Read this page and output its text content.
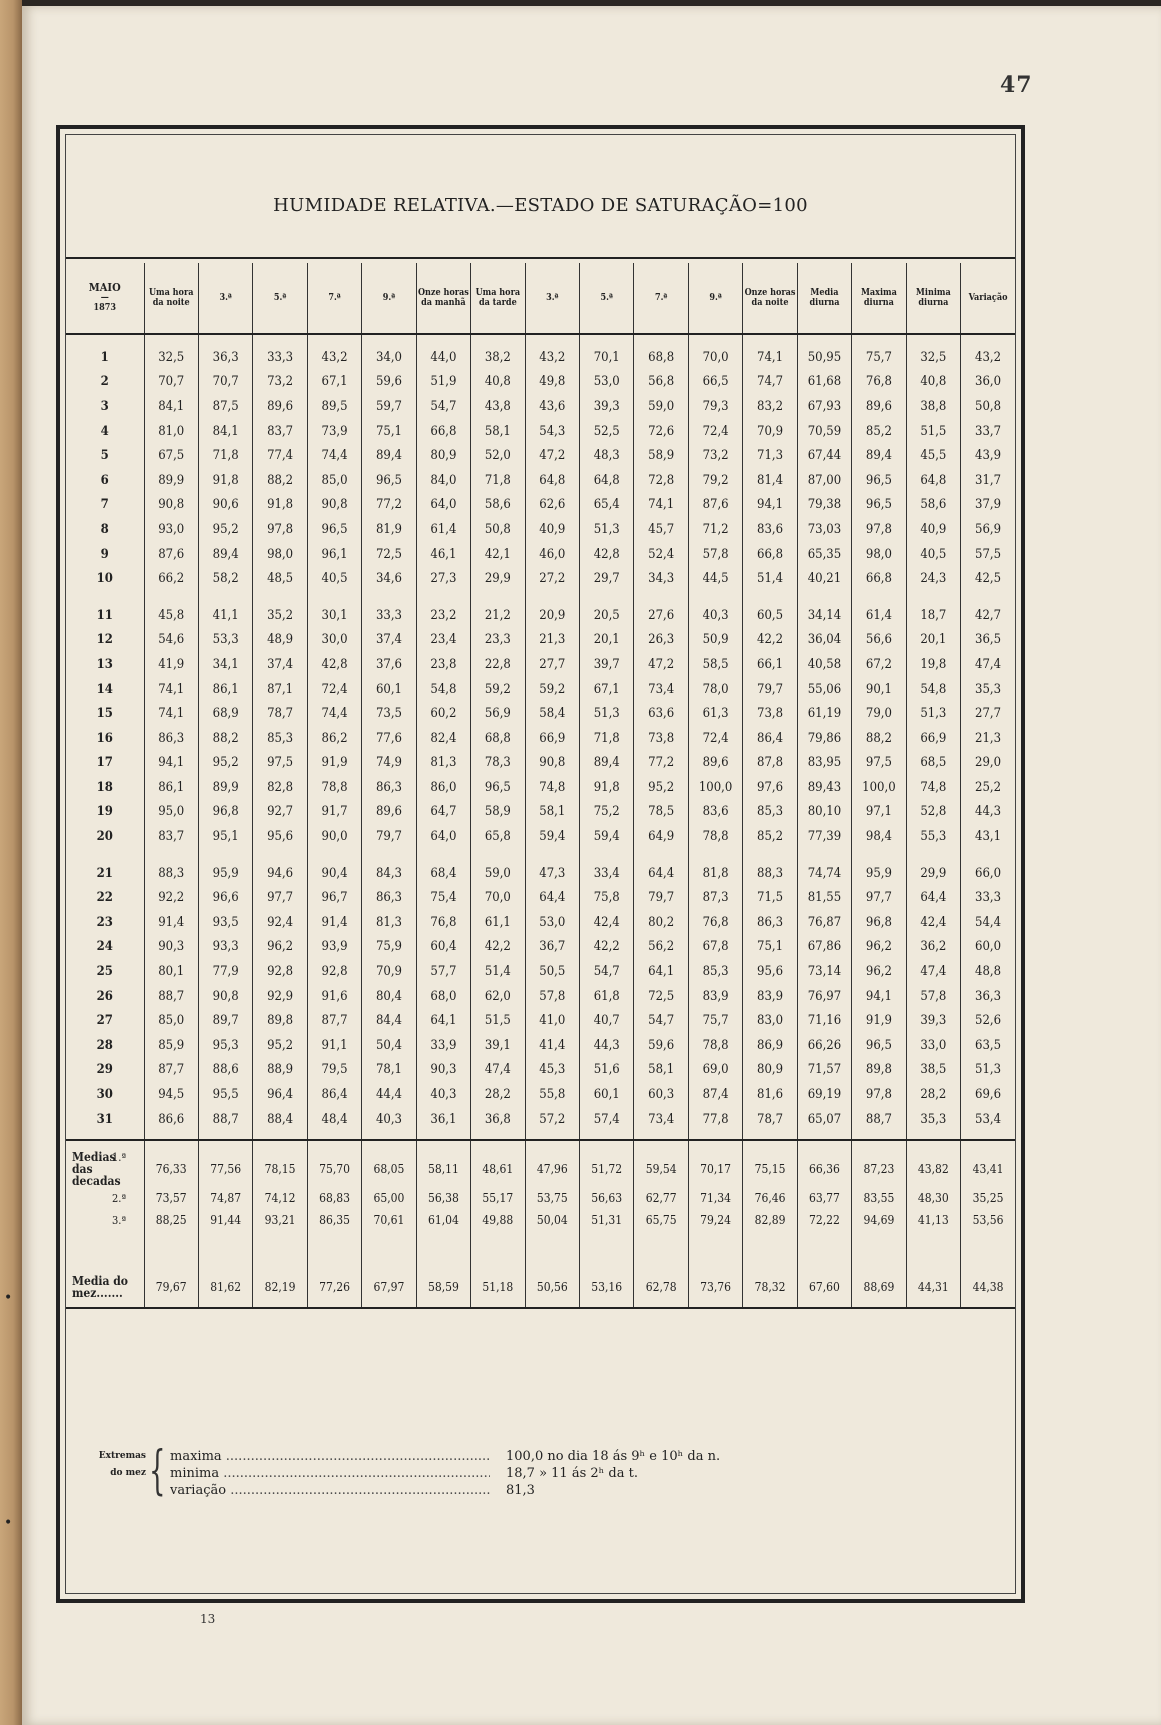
47
HUMIDADE RELATIVA.—ESTADO DE SATURAÇÃO=100
MAIO
—
1873	Uma hora da noite	3.ª	5.ª	7.ª	9.ª	Onze horas da manhã	Uma hora da tarde	3.ª	5.ª	7.ª	9.ª	Onze horas da noite	Media diurna	Maxima diurna	Minima diurna	Variação

1	32,5	36,3	33,3	43,2	34,0	44,0	38,2	43,2	70,1	68,8	70,0	74,1	50,95	75,7	32,5	43,2
2	70,7	70,7	73,2	67,1	59,6	51,9	40,8	49,8	53,0	56,8	66,5	74,7	61,68	76,8	40,8	36,0
3	84,1	87,5	89,6	89,5	59,7	54,7	43,8	43,6	39,3	59,0	79,3	83,2	67,93	89,6	38,8	50,8
4	81,0	84,1	83,7	73,9	75,1	66,8	58,1	54,3	52,5	72,6	72,4	70,9	70,59	85,2	51,5	33,7
5	67,5	71,8	77,4	74,4	89,4	80,9	52,0	47,2	48,3	58,9	73,2	71,3	67,44	89,4	45,5	43,9
6	89,9	91,8	88,2	85,0	96,5	84,0	71,8	64,8	64,8	72,8	79,2	81,4	87,00	96,5	64,8	31,7
7	90,8	90,6	91,8	90,8	77,2	64,0	58,6	62,6	65,4	74,1	87,6	94,1	79,38	96,5	58,6	37,9
8	93,0	95,2	97,8	96,5	81,9	61,4	50,8	40,9	51,3	45,7	71,2	83,6	73,03	97,8	40,9	56,9
9	87,6	89,4	98,0	96,1	72,5	46,1	42,1	46,0	42,8	52,4	57,8	66,8	65,35	98,0	40,5	57,5
10	66,2	58,2	48,5	40,5	34,6	27,3	29,9	27,2	29,7	34,3	44,5	51,4	40,21	66,8	24,3	42,5

11	45,8	41,1	35,2	30,1	33,3	23,2	21,2	20,9	20,5	27,6	40,3	60,5	34,14	61,4	18,7	42,7
12	54,6	53,3	48,9	30,0	37,4	23,4	23,3	21,3	20,1	26,3	50,9	42,2	36,04	56,6	20,1	36,5
13	41,9	34,1	37,4	42,8	37,6	23,8	22,8	27,7	39,7	47,2	58,5	66,1	40,58	67,2	19,8	47,4
14	74,1	86,1	87,1	72,4	60,1	54,8	59,2	59,2	67,1	73,4	78,0	79,7	55,06	90,1	54,8	35,3
15	74,1	68,9	78,7	74,4	73,5	60,2	56,9	58,4	51,3	63,6	61,3	73,8	61,19	79,0	51,3	27,7
16	86,3	88,2	85,3	86,2	77,6	82,4	68,8	66,9	71,8	73,8	72,4	86,4	79,86	88,2	66,9	21,3
17	94,1	95,2	97,5	91,9	74,9	81,3	78,3	90,8	89,4	77,2	89,6	87,8	83,95	97,5	68,5	29,0
18	86,1	89,9	82,8	78,8	86,3	86,0	96,5	74,8	91,8	95,2	100,0	97,6	89,43	100,0	74,8	25,2
19	95,0	96,8	92,7	91,7	89,6	64,7	58,9	58,1	75,2	78,5	83,6	85,3	80,10	97,1	52,8	44,3
20	83,7	95,1	95,6	90,0	79,7	64,0	65,8	59,4	59,4	64,9	78,8	85,2	77,39	98,4	55,3	43,1

21	88,3	95,9	94,6	90,4	84,3	68,4	59,0	47,3	33,4	64,4	81,8	88,3	74,74	95,9	29,9	66,0
22	92,2	96,6	97,7	96,7	86,3	75,4	70,0	64,4	75,8	79,7	87,3	71,5	81,55	97,7	64,4	33,3
23	91,4	93,5	92,4	91,4	81,3	76,8	61,1	53,0	42,4	80,2	76,8	86,3	76,87	96,8	42,4	54,4
24	90,3	93,3	96,2	93,9	75,9	60,4	42,2	36,7	42,2	56,2	67,8	75,1	67,86	96,2	36,2	60,0
25	80,1	77,9	92,8	92,8	70,9	57,7	51,4	50,5	54,7	64,1	85,3	95,6	73,14	96,2	47,4	48,8
26	88,7	90,8	92,9	91,6	80,4	68,0	62,0	57,8	61,8	72,5	83,9	83,9	76,97	94,1	57,8	36,3
27	85,0	89,7	89,8	87,7	84,4	64,1	51,5	41,0	40,7	54,7	75,7	83,0	71,16	91,9	39,3	52,6
28	85,9	95,3	95,2	91,1	50,4	33,9	39,1	41,4	44,3	59,6	78,8	86,9	66,26	96,5	33,0	63,5
29	87,7	88,6	88,9	79,5	78,1	90,3	47,4	45,3	51,6	58,1	69,0	80,9	71,57	89,8	38,5	51,3
30	94,5	95,5	96,4	86,4	44,4	40,3	28,2	55,8	60,1	60,3	87,4	81,6	69,19	97,8	28,2	69,6
31	86,6	88,7	88,4	48,4	40,3	36,1	36,8	57,2	57,4	73,4	77,8	78,7	65,07	88,7	35,3	53,4

Medias das decadas1.ª	76,33	77,56	78,15	75,70	68,05	58,11	48,61	47,96	51,72	59,54	70,17	75,15	66,36	87,23	43,82	43,41
2.ª	73,57	74,87	74,12	68,83	65,00	56,38	55,17	53,75	56,63	62,77	71,34	76,46	63,77	83,55	48,30	35,25
3.ª	88,25	91,44	93,21	86,35	70,61	61,04	49,88	50,04	51,31	65,75	79,24	82,89	72,22	94,69	41,13	53,56

Media do mez.......	79,67	81,62	82,19	77,26	67,97	58,59	51,18	50,56	53,16	62,78	73,76	78,32	67,60	88,69	44,31	44,38
Extremas do mez { maxima .....	100,0 no dia 18 ás 9ʰ e 10ʰ da n.
minima .....	18,7 » 11 ás 2ʰ da t.
variação .....	81,3
13
•
•
